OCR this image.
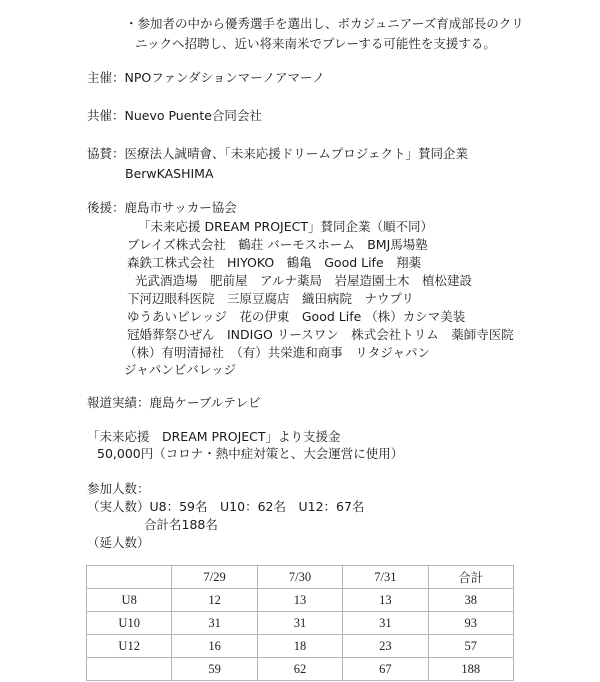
・参加者の中から優秀選手を選出し、ボカジュニアーズ育成部長のクリ
ニックへ招聘し、近い将来南米でプレーする可能性を支援する。
主催：NPOファンダションマーノアマーノ
共催：Nuevo Puente合同会社
協賛：医療法人誠晴會、「未来応援ドリームプロジェクト」賛同企業
BerwKASHIMA
後援：鹿島市サッカー協会
「未来応援 DREAM PROJECT」賛同企業（順不同）
ブレイズ株式会社　鶴荘 バーモスホーム　BMJ馬場塾
森鉄工株式会社　HIYOKO　鶴亀　Good Life　翔薬
光武酒造場　肥前屋　アルナ薬局　岩屋造園土木　植松建設
下河辺眼科医院　三原豆腐店　織田病院　ナウプリ
ゆうあいビレッジ　花の伊東　Good Life （株）カシマ美装
冠婚葬祭ひぜん　INDIGO リースワン　株式会社トリム　薬師寺医院
（株）有明清掃社　（有）共栄進和商事　リタジャパン
ジャパンビバレッジ
報道実績：鹿島ケーブルテレビ
「未来応援　DREAM PROJECT」より支援金
50,000円（コロナ・熱中症対策と、大会運営に使用）
参加人数：
（実人数）U8：59名　U10：62名　U12：67名
合計名188名
（延人数）
	7/29	7/30	7/31	合計
U8	12	13	13	38
U10	31	31	31	93
U12	16	18	23	57
	59	62	67	188
